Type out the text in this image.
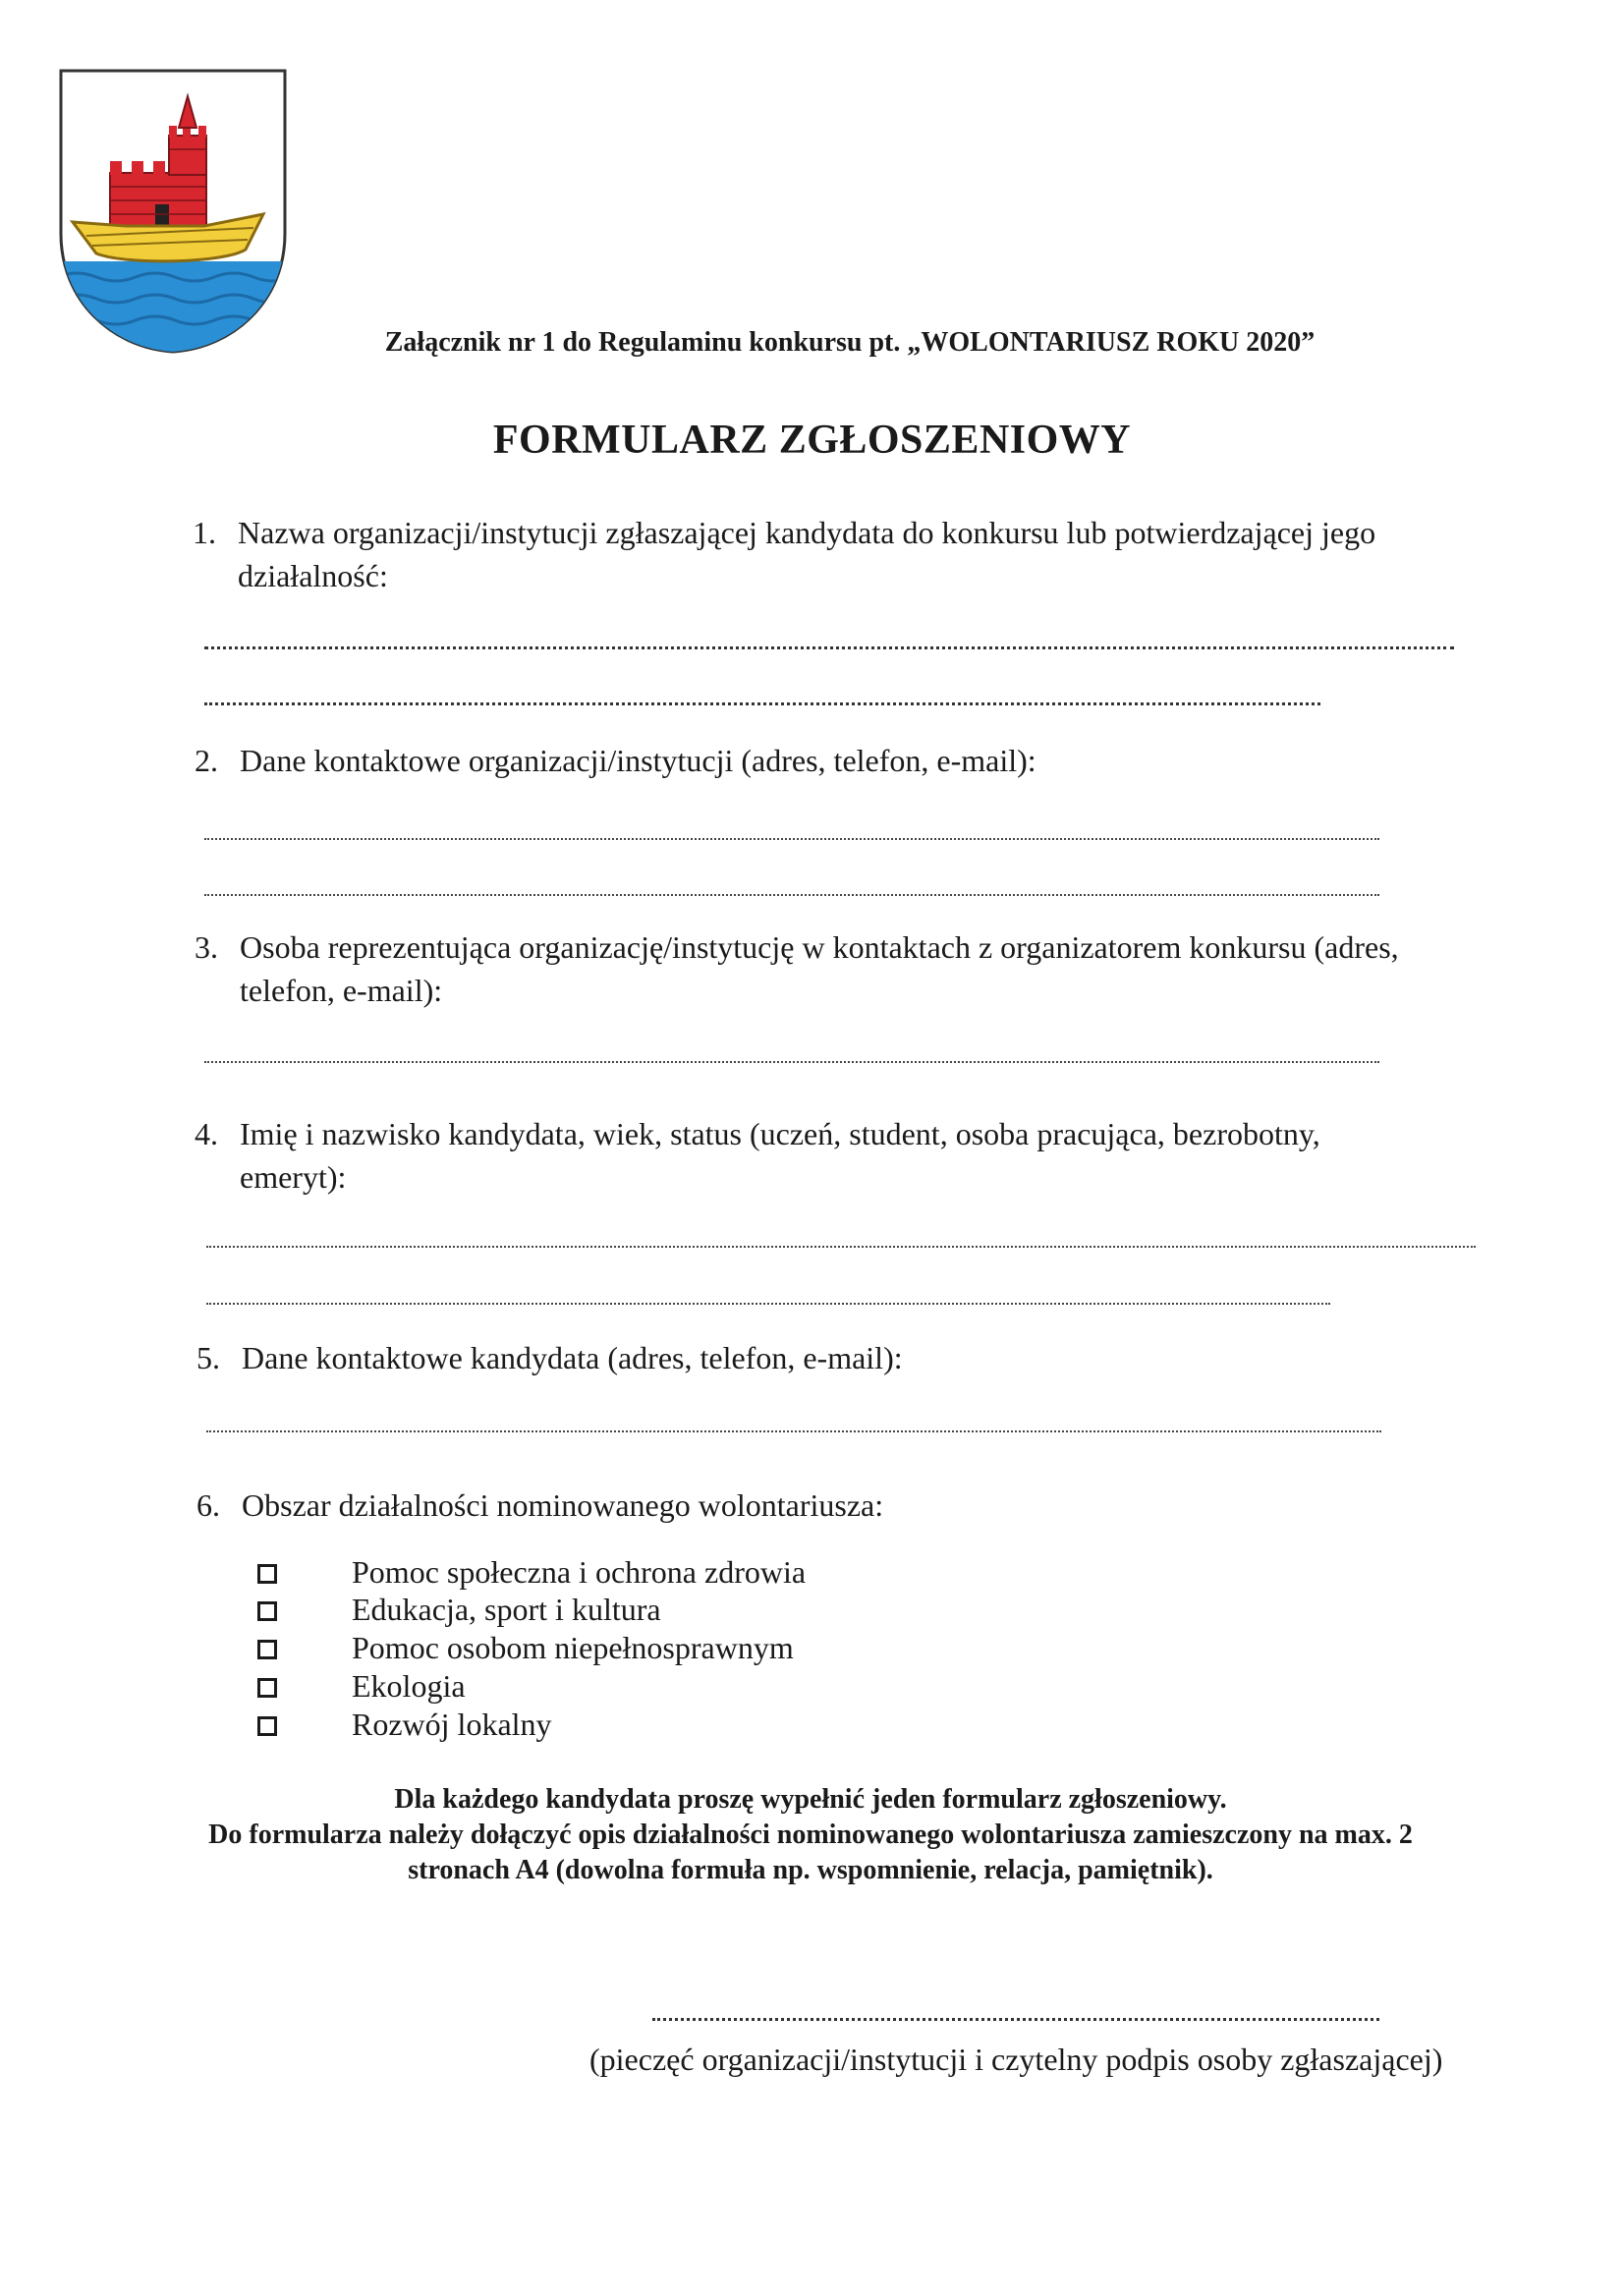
Załącznik nr 1 do Regulaminu konkursu pt. „WOLONTARIUSZ ROKU 2020”
FORMULARZ ZGŁOSZENIOWY
1. Nazwa organizacji/instytucji zgłaszającej kandydata do konkursu lub potwierdzającej jego
działalność:
2. Dane kontaktowe organizacji/instytucji (adres, telefon, e-mail):
3. Osoba reprezentująca organizację/instytucję w kontaktach z organizatorem konkursu (adres,
telefon, e-mail):
4. Imię i nazwisko kandydata, wiek, status (uczeń, student, osoba pracująca, bezrobotny,
emeryt):
5. Dane kontaktowe kandydata (adres, telefon, e-mail):
6. Obszar działalności nominowanego wolontariusza:
Pomoc społeczna i ochrona zdrowia
Edukacja, sport i kultura
Pomoc osobom niepełnosprawnym
Ekologia
Rozwój lokalny
Dla każdego kandydata proszę wypełnić jeden formularz zgłoszeniowy.
Do formularza należy dołączyć opis działalności nominowanego wolontariusza zamieszczony na max. 2
stronach A4 (dowolna formuła np. wspomnienie, relacja, pamiętnik).
(pieczęć organizacji/instytucji i czytelny podpis osoby zgłaszającej)
